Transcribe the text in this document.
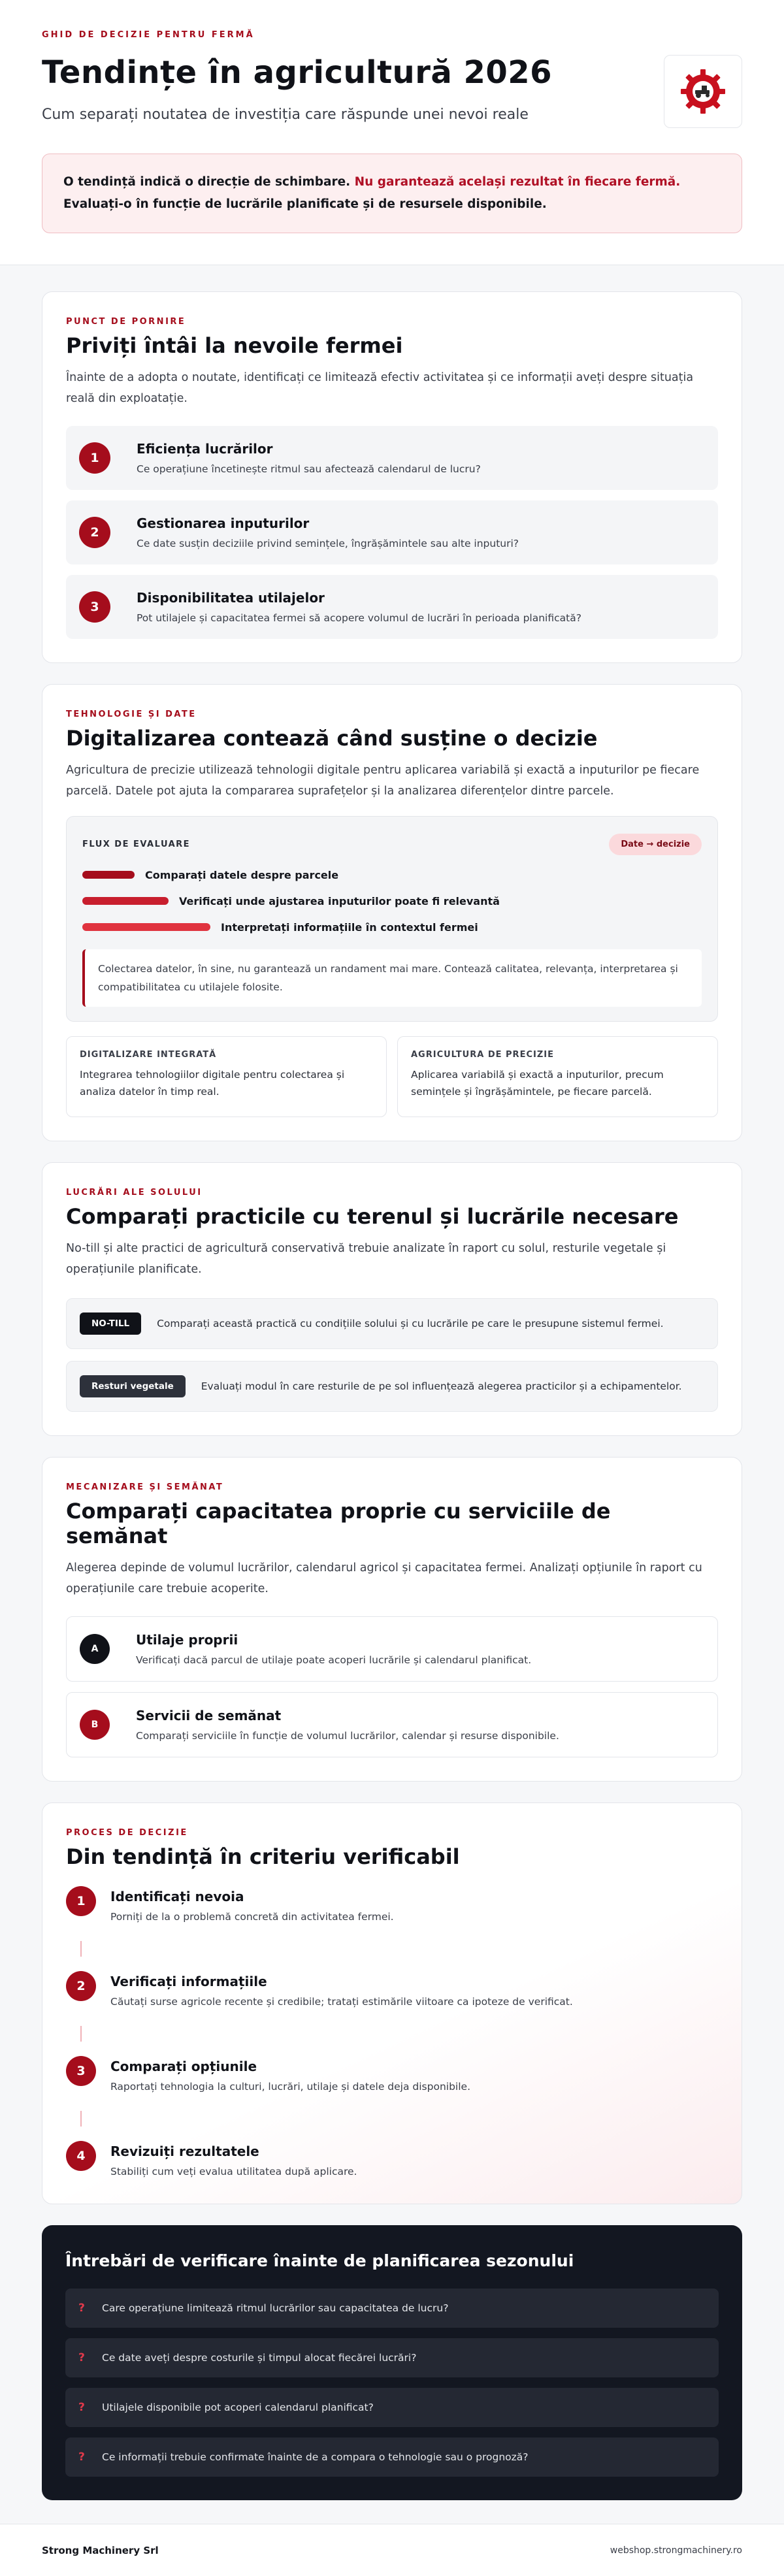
GHID DE DECIZIE PENTRU FERMĂ
Tendințe în agricultură 2026
Cum separați noutatea de investiția care răspunde unei nevoi reale
O tendință indică o direcție de schimbare. Nu garantează același rezultat în fiecare fermă. Evaluați-o în funcție de lucrările planificate și de resursele disponibile.
PUNCT DE PORNIRE
Priviți întâi la nevoile fermei
Înainte de a adopta o noutate, identificați ce limitează efectiv activitatea și ce informații aveți despre situația reală din exploatație.
1
Eficiența lucrărilor
Ce operațiune încetinește ritmul sau afectează calendarul de lucru?
2
Gestionarea inputurilor
Ce date susțin deciziile privind semințele, îngrășămintele sau alte inputuri?
3
Disponibilitatea utilajelor
Pot utilajele și capacitatea fermei să acopere volumul de lucrări în perioada planificată?
TEHNOLOGIE ȘI DATE
Digitalizarea contează când susține o decizie
Agricultura de precizie utilizează tehnologii digitale pentru aplicarea variabilă și exactă a inputurilor pe fiecare parcelă. Datele pot ajuta la compararea suprafețelor și la analizarea diferențelor dintre parcele.
FLUX DE EVALUARE	Date → decizie
Comparați datele despre parcele
Verificați unde ajustarea inputurilor poate fi relevantă
Interpretați informațiile în contextul fermei
Colectarea datelor, în sine, nu garantează un randament mai mare. Contează calitatea, relevanța, interpretarea și compatibilitatea cu utilajele folosite.
DIGITALIZARE INTEGRATĂ
Integrarea tehnologiilor digitale pentru colectarea și analiza datelor în timp real.
AGRICULTURA DE PRECIZIE
Aplicarea variabilă și exactă a inputurilor, precum semințele și îngrășămintele, pe fiecare parcelă.
LUCRĂRI ALE SOLULUI
Comparați practicile cu terenul și lucrările necesare
No-till și alte practici de agricultură conservativă trebuie analizate în raport cu solul, resturile vegetale și operațiunile planificate.
NO-TILL	Comparați această practică cu condițiile solului și cu lucrările pe care le presupune sistemul fermei.
Resturi vegetale	Evaluați modul în care resturile de pe sol influențează alegerea practicilor și a echipamentelor.
MECANIZARE ȘI SEMĂNAT
Comparați capacitatea proprie cu serviciile de semănat
Alegerea depinde de volumul lucrărilor, calendarul agricol și capacitatea fermei. Analizați opțiunile în raport cu operațiunile care trebuie acoperite.
A
Utilaje proprii
Verificați dacă parcul de utilaje poate acoperi lucrările și calendarul planificat.
B
Servicii de semănat
Comparați serviciile în funcție de volumul lucrărilor, calendar și resurse disponibile.
PROCES DE DECIZIE
Din tendință în criteriu verificabil
1	Identificați nevoia
Porniți de la o problemă concretă din activitatea fermei.
2	Verificați informațiile
Căutați surse agricole recente și credibile; tratați estimările viitoare ca ipoteze de verificat.
3	Comparați opțiunile
Raportați tehnologia la culturi, lucrări, utilaje și datele deja disponibile.
4	Revizuiți rezultatele
Stabiliți cum veți evalua utilitatea după aplicare.
Întrebări de verificare înainte de planificarea sezonului
?	Care operațiune limitează ritmul lucrărilor sau capacitatea de lucru?
?	Ce date aveți despre costurile și timpul alocat fiecărei lucrări?
?	Utilajele disponibile pot acoperi calendarul planificat?
?	Ce informații trebuie confirmate înainte de a compara o tehnologie sau o prognoză?
Strong Machinery Srl	webshop.strongmachinery.ro
